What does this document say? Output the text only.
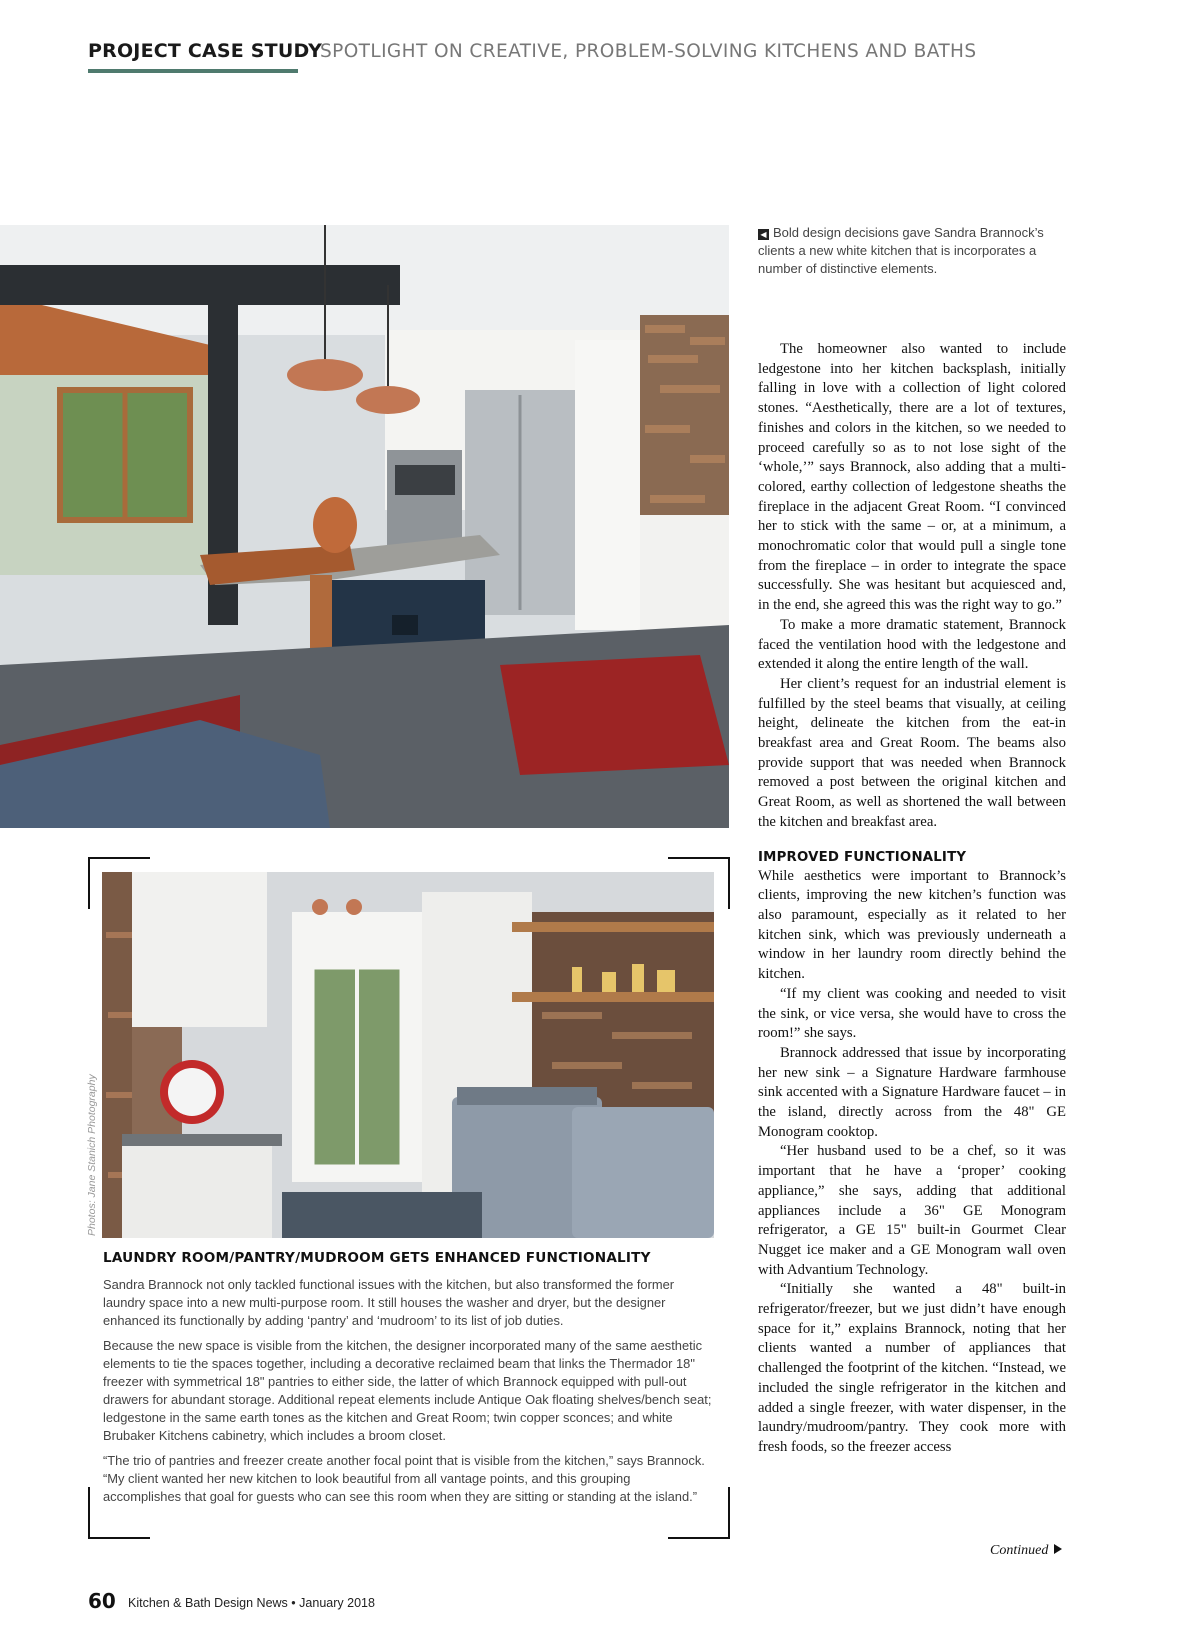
PROJECT CASE STUDY
SPOTLIGHT ON CREATIVE, PROBLEM-SOLVING KITCHENS AND BATHS
◀ Bold design decisions gave Sandra Brannock’s clients a new white kitchen that is incorporates a number of distinctive elements.

The homeowner also wanted to include ledgestone into her kitchen backsplash, initially falling in love with a collection of light colored stones. “Aesthetically, there are a lot of textures, finishes and colors in the kitchen, so we needed to proceed carefully so as to not lose sight of the ‘whole,’” says Brannock, also adding that a multi-colored, earthy collection of ledgestone sheaths the fireplace in the adjacent Great Room. “I convinced her to stick with the same – or, at a minimum, a monochromatic color that would pull a single tone from the fireplace – in order to integrate the space successfully. She was hesitant but acquiesced and, in the end, she agreed this was the right way to go.”

To make a more dramatic statement, Brannock faced the ventilation hood with the ledgestone and extended it along the entire length of the wall.

Her client’s request for an industrial element is fulfilled by the steel beams that visually, at ceiling height, delineate the kitchen from the eat-in breakfast area and Great Room. The beams also provide support that was needed when Brannock removed a post between the original kitchen and Great Room, as well as shortened the wall between the kitchen and breakfast area.

IMPROVED FUNCTIONALITY

While aesthetics were important to Brannock’s clients, improving the new kitchen’s function was also paramount, especially as it related to her kitchen sink, which was previously underneath a window in her laundry room directly behind the kitchen.

“If my client was cooking and needed to visit the sink, or vice versa, she would have to cross the room!” she says.

Brannock addressed that issue by incorporating her new sink – a Signature Hardware farmhouse sink accented with a Signature Hardware faucet – in the island, directly across from the 48" GE Monogram cooktop.

“Her husband used to be a chef, so it was important that he have a ‘proper’ cooking appliance,” she says, adding that additional appliances include a 36" GE Monogram refrigerator, a GE 15" built-in Gourmet Clear Nugget ice maker and a GE Monogram wall oven with Advantium Technology.

“Initially she wanted a 48" built-in refrigerator/freezer, but we just didn’t have enough space for it,” explains Brannock, noting that her clients wanted a number of appliances that challenged the footprint of the kitchen. “Instead, we included the single refrigerator in the kitchen and added a single freezer, with water dispenser, in the laundry/mudroom/pantry. They cook more with fresh foods, so the freezer access

Continued
Photos: Jane Stanich Photography
LAUNDRY ROOM/PANTRY/MUDROOM GETS ENHANCED FUNCTIONALITY

Sandra Brannock not only tackled functional issues with the kitchen, but also transformed the former laundry space into a new multi-purpose room. It still houses the washer and dryer, but the designer enhanced its functionally by adding ‘pantry’ and ‘mudroom’ to its list of job duties.

Because the new space is visible from the kitchen, the designer incorporated many of the same aesthetic elements to tie the spaces together, including a decorative reclaimed beam that links the Thermador 18" freezer with symmetrical 18" pantries to either side, the latter of which Brannock equipped with pull-out drawers for abundant storage. Additional repeat elements include Antique Oak floating shelves/bench seat; ledgestone in the same earth tones as the kitchen and Great Room; twin copper sconces; and white Brubaker Kitchens cabinetry, which includes a broom closet.

“The trio of pantries and freezer create another focal point that is visible from the kitchen,” says Brannock. “My client wanted her new kitchen to look beautiful from all vantage points, and this grouping accomplishes that goal for guests who can see this room when they are sitting or standing at the island.”

60 Kitchen & Bath Design News • January 2018
